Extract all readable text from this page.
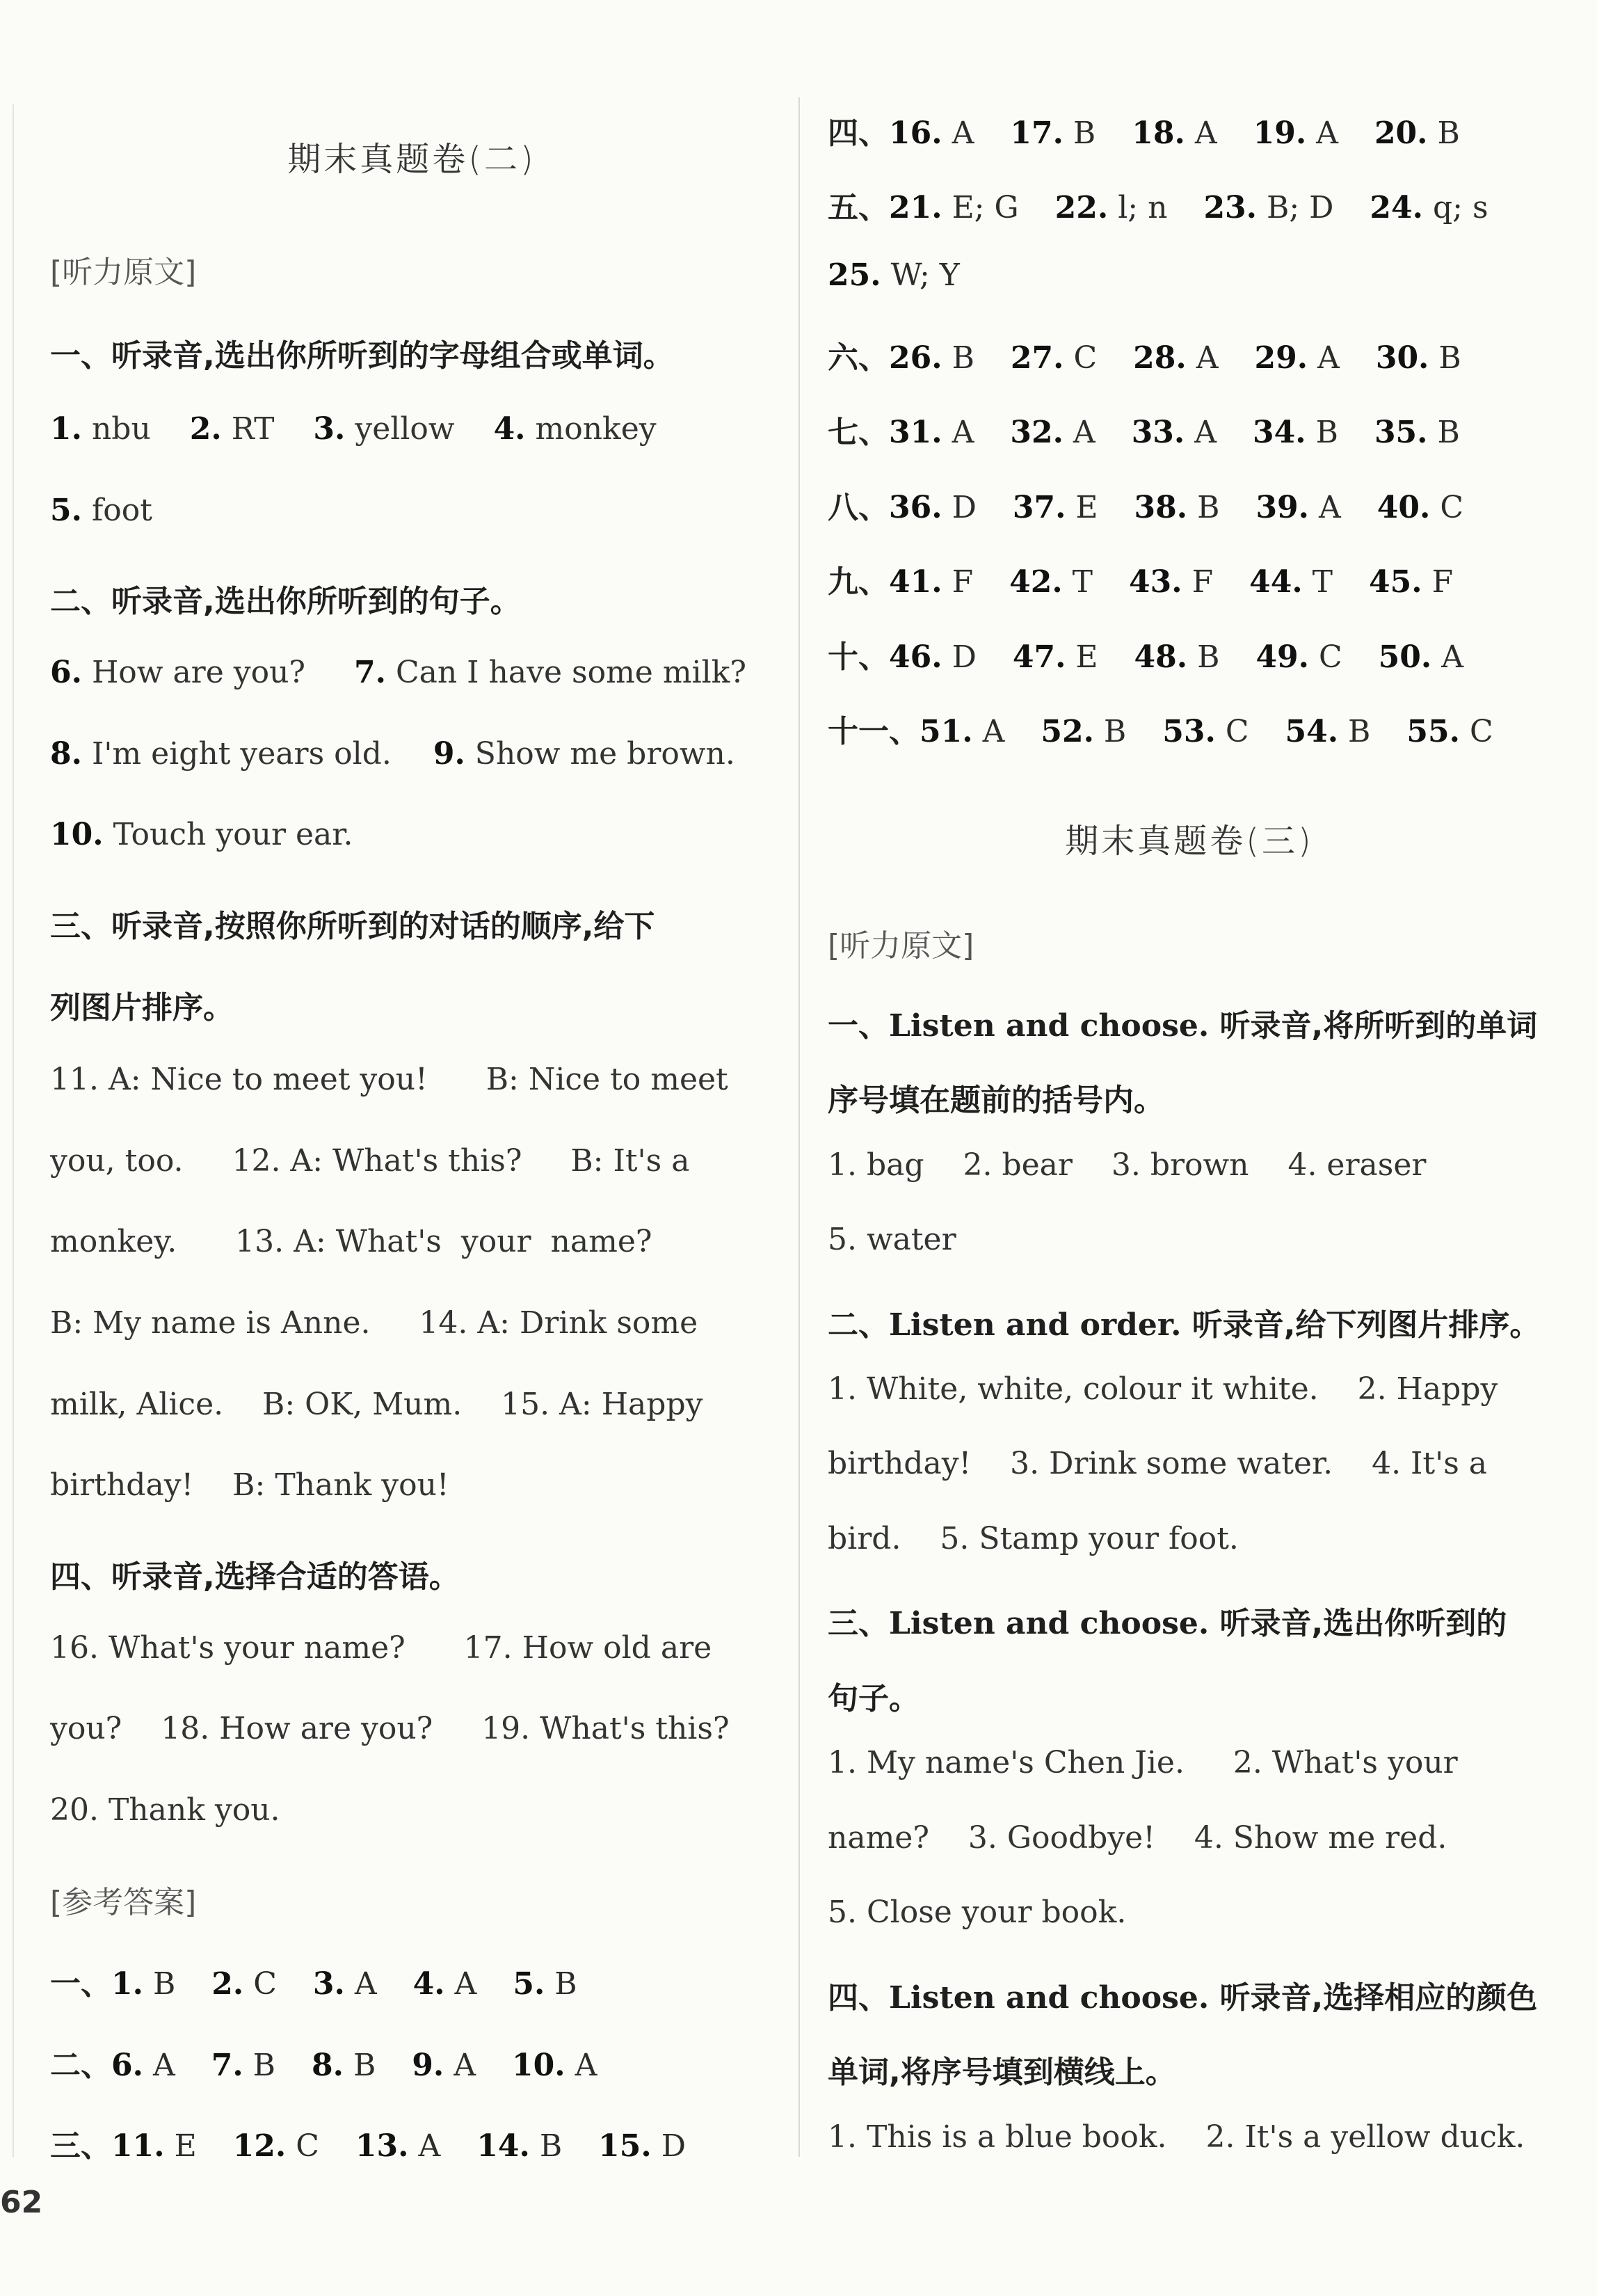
期末真题卷(二)
[听力原文]
一、听录音,选出你所听到的字母组合或单词。
1. nbu 2. RT 3. yellow 4. monkey
5. foot
二、听录音,选出你所听到的句子。
6. How are you? 7. Can I have some milk?
8. I'm eight years old. 9. Show me brown.
10. Touch your ear.
三、听录音,按照你所听到的对话的顺序,给下
列图片排序。
11. A: Nice to meet you!      B: Nice to meet
you, too.     12. A: What's this?     B: It's a
monkey.      13. A: What's  your  name?
B: My name is Anne.     14. A: Drink some
milk, Alice.    B: OK, Mum.    15. A: Happy
birthday!    B: Thank you!
四、听录音,选择合适的答语。
16. What's your name?      17. How old are
you?    18. How are you?     19. What's this?
20. Thank you.
[参考答案]
一、 1. B 2. C 3. A 4. A 5. B
二、 6. A 7. B 8. B 9. A 10. A
三、 11. E 12. C 13. A 14. B 15. D
四、 16. A 17. B 18. A 19. A 20. B
五、 21. E; G 22. l; n 23. B; D 24. q; s
25. W; Y
六、 26. B 27. C 28. A 29. A 30. B
七、 31. A 32. A 33. A 34. B 35. B
八、 36. D 37. E 38. B 39. A 40. C
九、 41. F 42. T 43. F 44. T 45. F
十、 46. D 47. E 48. B 49. C 50. A
十一、 51. A 52. B 53. C 54. B 55. C
期末真题卷(三)
[听力原文]
一、Listen and choose. 听录音,将所听到的单词
序号填在题前的括号内。
1. bag    2. bear    3. brown    4. eraser
5. water
二、Listen and order. 听录音,给下列图片排序。
1. White, white, colour it white.    2. Happy
birthday!    3. Drink some water.    4. It's a
bird.    5. Stamp your foot.
三、Listen and choose. 听录音,选出你听到的
句子。
1. My name's Chen Jie.     2. What's your
name?    3. Goodbye!    4. Show me red.
5. Close your book.
四、Listen and choose. 听录音,选择相应的颜色
单词,将序号填到横线上。
1. This is a blue book.    2. It's a yellow duck.
62
